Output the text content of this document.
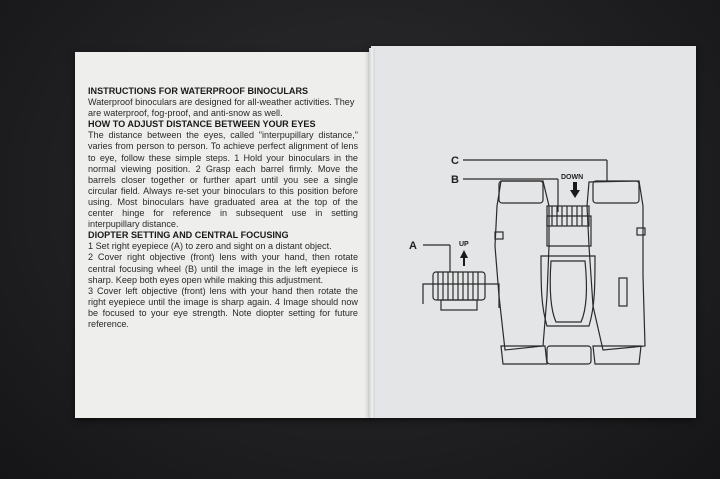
INSTRUCTIONS FOR WATERPROOF BINOCULARS

Waterproof binoculars are designed for all-weather activities. They are waterproof, fog-proof, and anti-snow as well.

HOW TO ADJUST DISTANCE BETWEEN YOUR EYES

The distance between the eyes, called "interpupillary distance," varies from person to person. To achieve perfect alignment of lens to eye, follow these simple steps. 1 Hold your binoculars in the normal viewing position. 2 Grasp each barrel firmly. Move the barrels closer together or further apart until you see a single circular field. Always re-set your binoculars to this position before using. Most binoculars have graduated area at the top of the center hinge for reference in subsequent use in setting interpupillary distance.

DIOPTER SETTING AND CENTRAL FOCUSING

1 Set right eyepiece (A) to zero and sight on a distant object.

2 Cover right objective (front) lens with your hand, then rotate central focusing wheel (B) until the image in the left eyepiece is sharp. Keep both eyes open while making this adjustment.

3 Cover left objective (front) lens with your hand then rotate the right eyepiece until the image is sharp again. 4 Image should now be focused to your eye strength. Note diopter setting for future reference.

C
B
A	UP
DOWN
